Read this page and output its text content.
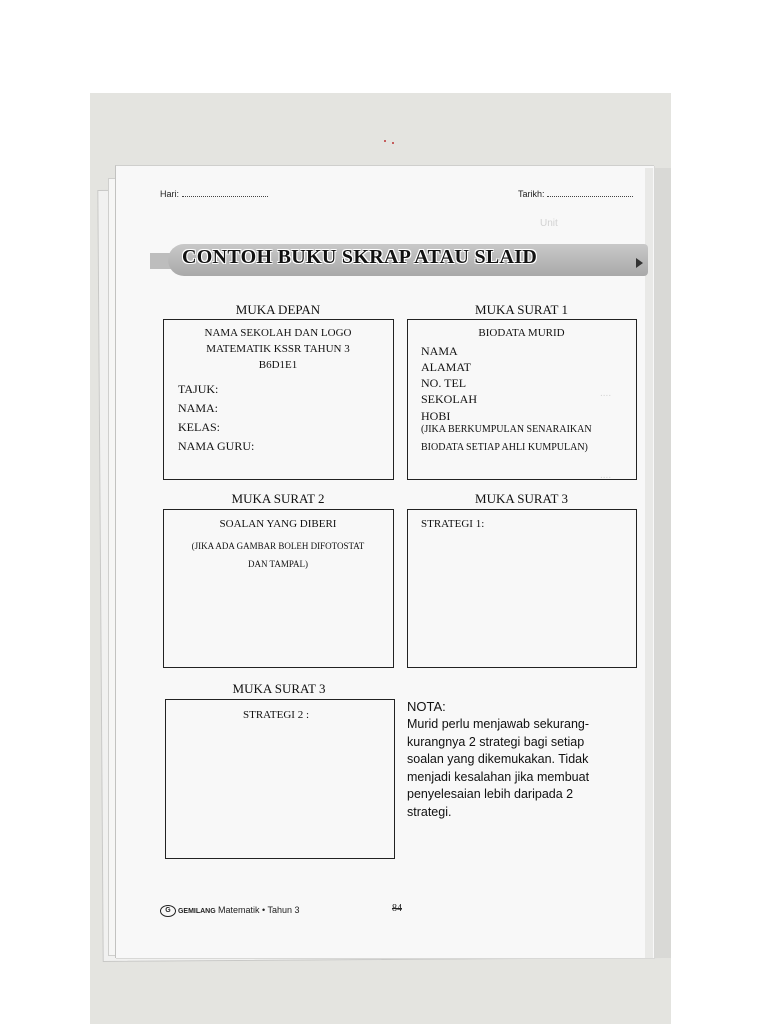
Unit
....
....
Hari:	Tarikh:
CONTOH BUKU SKRAP ATAU SLAID
MUKA DEPAN
NAMA SEKOLAH DAN LOGO
MATEMATIK KSSR TAHUN 3
B6D1E1
TAJUK:
NAMA:
KELAS:
NAMA GURU:
MUKA SURAT 1
BIODATA MURID
NAMA
ALAMAT
NO. TEL
SEKOLAH
HOBI
(JIKA BERKUMPULAN SENARAIKAN
BIODATA SETIAP AHLI KUMPULAN)
MUKA SURAT 2
SOALAN YANG DIBERI
(JIKA ADA GAMBAR BOLEH DIFOTOSTAT
DAN TAMPAL)
MUKA SURAT 3
STRATEGI 1:
MUKA SURAT 3
STRATEGI 2 :
NOTA:
Murid perlu menjawab sekurang-
kurangnya 2 strategi bagi setiap
soalan yang dikemukakan. Tidak
menjadi kesalahan jika membuat
penyelesaian lebih daripada 2
strategi.
G GEMILANG Matematik • Tahun 3	84
